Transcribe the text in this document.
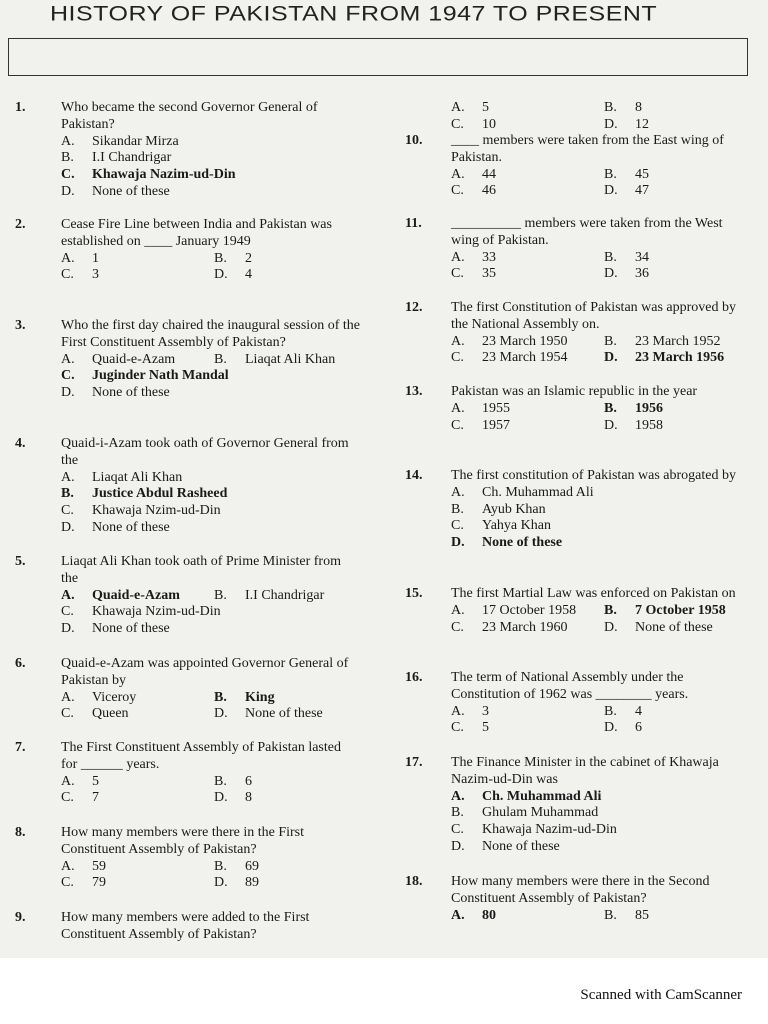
HISTORY OF PAKISTAN FROM 1947 TO PRESENT
1.	Who became the second Governor General of Pakistan?
A.	Sikandar Mirza
B.	I.I Chandrigar
C.	Khawaja Nazim-ud-Din
D.	None of these
2.	Cease Fire Line between India and Pakistan was established on ____ January 1949
A.	1	B.	2
C.	3	D.	4
3.	Who the first day chaired the inaugural session of the First Constituent Assembly of Pakistan?
A.	Quaid-e-Azam	B.	Liaqat Ali Khan
C.	Juginder Nath Mandal
D.	None of these
4.	Quaid-i-Azam took oath of Governor General from the
A.	Liaqat Ali Khan
B.	Justice Abdul Rasheed
C.	Khawaja Nzim-ud-Din
D.	None of these
5.	Liaqat Ali Khan took oath of Prime Minister from the
A.	Quaid-e-Azam B.	I.I Chandrigar
C.	Khawaja Nzim-ud-Din
D.	None of these
6.	Quaid-e-Azam was appointed Governor General of Pakistan by
A.	Viceroy	B.	King
C.	Queen	D.	None of these
7.	The First Constituent Assembly of Pakistan lasted for ______ years.
A.	5	B.	6
C.	7	D.	8
8.	How many members were there in the First Constituent Assembly of Pakistan?
A.	59	B.	69
C.	79	D.	89
9.	How many members were added to the First Constituent Assembly of Pakistan?
A.	5	B.	8
C.	10	D.	12
10. ____ members were taken from the East wing of Pakistan.
A.	44	B.	45
C.	46	D.	47
11. __________ members were taken from the West wing of Pakistan.
A.	33	B.	34
C.	35	D.	36
12. The first Constitution of Pakistan was approved by the National Assembly on.
A.	23 March 1950	B.	23 March 1952
C.	23 March 1954	D.	23 March 1956
13. Pakistan was an Islamic republic in the year
A.	1955	B.	1956
C.	1957	D.	1958
14. The first constitution of Pakistan was abrogated by
A.	Ch. Muhammad Ali
B.	Ayub Khan
C.	Yahya Khan
D.	None of these
15. The first Martial Law was enforced on Pakistan on
A.	17 October 1958 B.	7 October 1958
C.	23 March 1960	D.	None of these
16. The term of National Assembly under the Constitution of 1962 was ________ years.
A.	3	B.	4
C.	5	D.	6
17. The Finance Minister in the cabinet of Khawaja Nazim-ud-Din was
A.	Ch. Muhammad Ali
B.	Ghulam Muhammad
C.	Khawaja Nazim-ud-Din
D.	None of these
18. How many members were there in the Second Constituent Assembly of Pakistan?
A.	80	B.	85
Scanned with CamScanner
